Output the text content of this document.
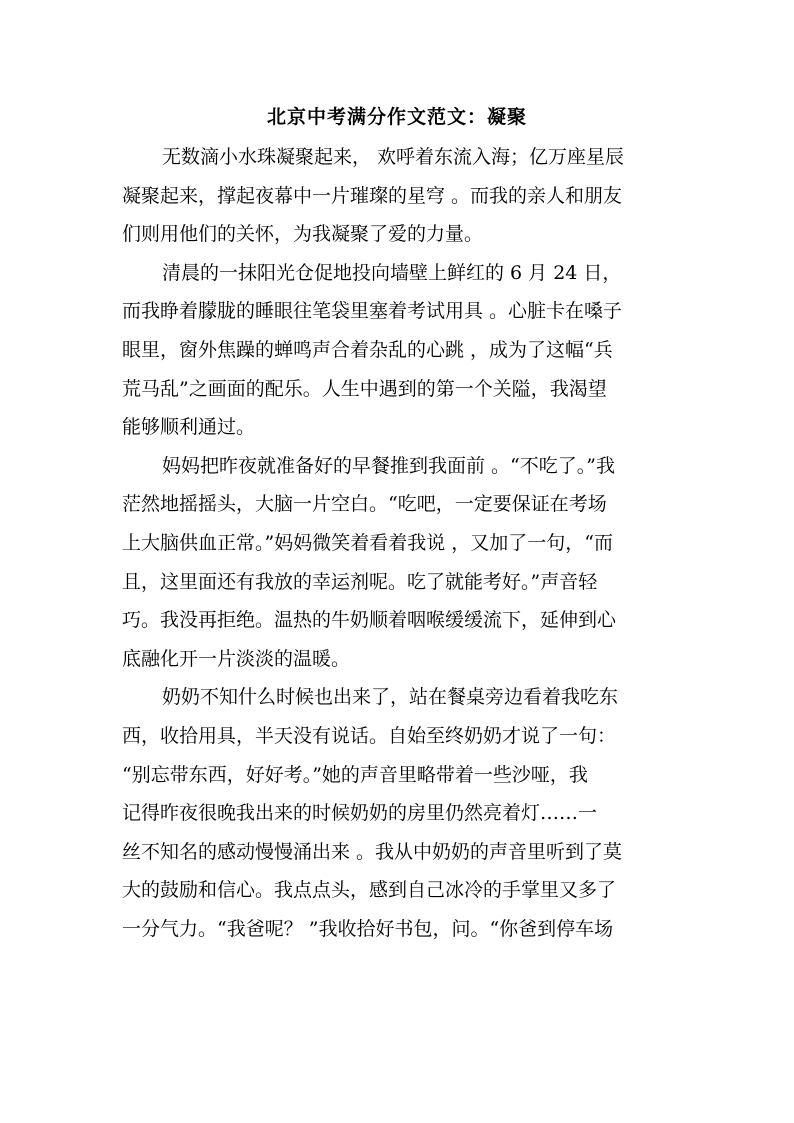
北京中考满分作文范文：凝聚
无数滴小水珠凝聚起来， 欢呼着东流入海；亿万座星辰
凝聚起来，撑起夜幕中一片璀璨的星穹 。而我的亲人和朋友
们则用他们的关怀，为我凝聚了爱的力量。
清晨的一抹阳光仓促地投向墙壁上鲜红的 6 月 24 日，
而我睁着朦胧的睡眼往笔袋里塞着考试用具 。心脏卡在嗓子
眼里，窗外焦躁的蝉鸣声合着杂乱的心跳 ，成为了这幅“兵
荒马乱”之画面的配乐。人生中遇到的第一个关隘，我渴望
能够顺利通过。
妈妈把昨夜就准备好的早餐推到我面前 。“不吃了。”我
茫然地摇摇头，大脑一片空白。“吃吧，一定要保证在考场
上大脑供血正常。”妈妈微笑着看着我说 ，又加了一句，“而
且，这里面还有我放的幸运剂呢。吃了就能考好。”声音轻
巧。我没再拒绝。温热的牛奶顺着咽喉缓缓流下，延伸到心
底融化开一片淡淡的温暖。
奶奶不知什么时候也出来了，站在餐桌旁边看着我吃东
西，收拾用具，半天没有说话。自始至终奶奶才说了一句：
“别忘带东西，好好考。”她的声音里略带着一些沙哑，我
记得昨夜很晚我出来的时候奶奶的房里仍然亮着灯……一
丝不知名的感动慢慢涌出来 。我从中奶奶的声音里听到了莫
大的鼓励和信心。我点点头，感到自己冰冷的手掌里又多了
一分气力。“我爸呢？ ”我收拾好书包，问。“你爸到停车场
